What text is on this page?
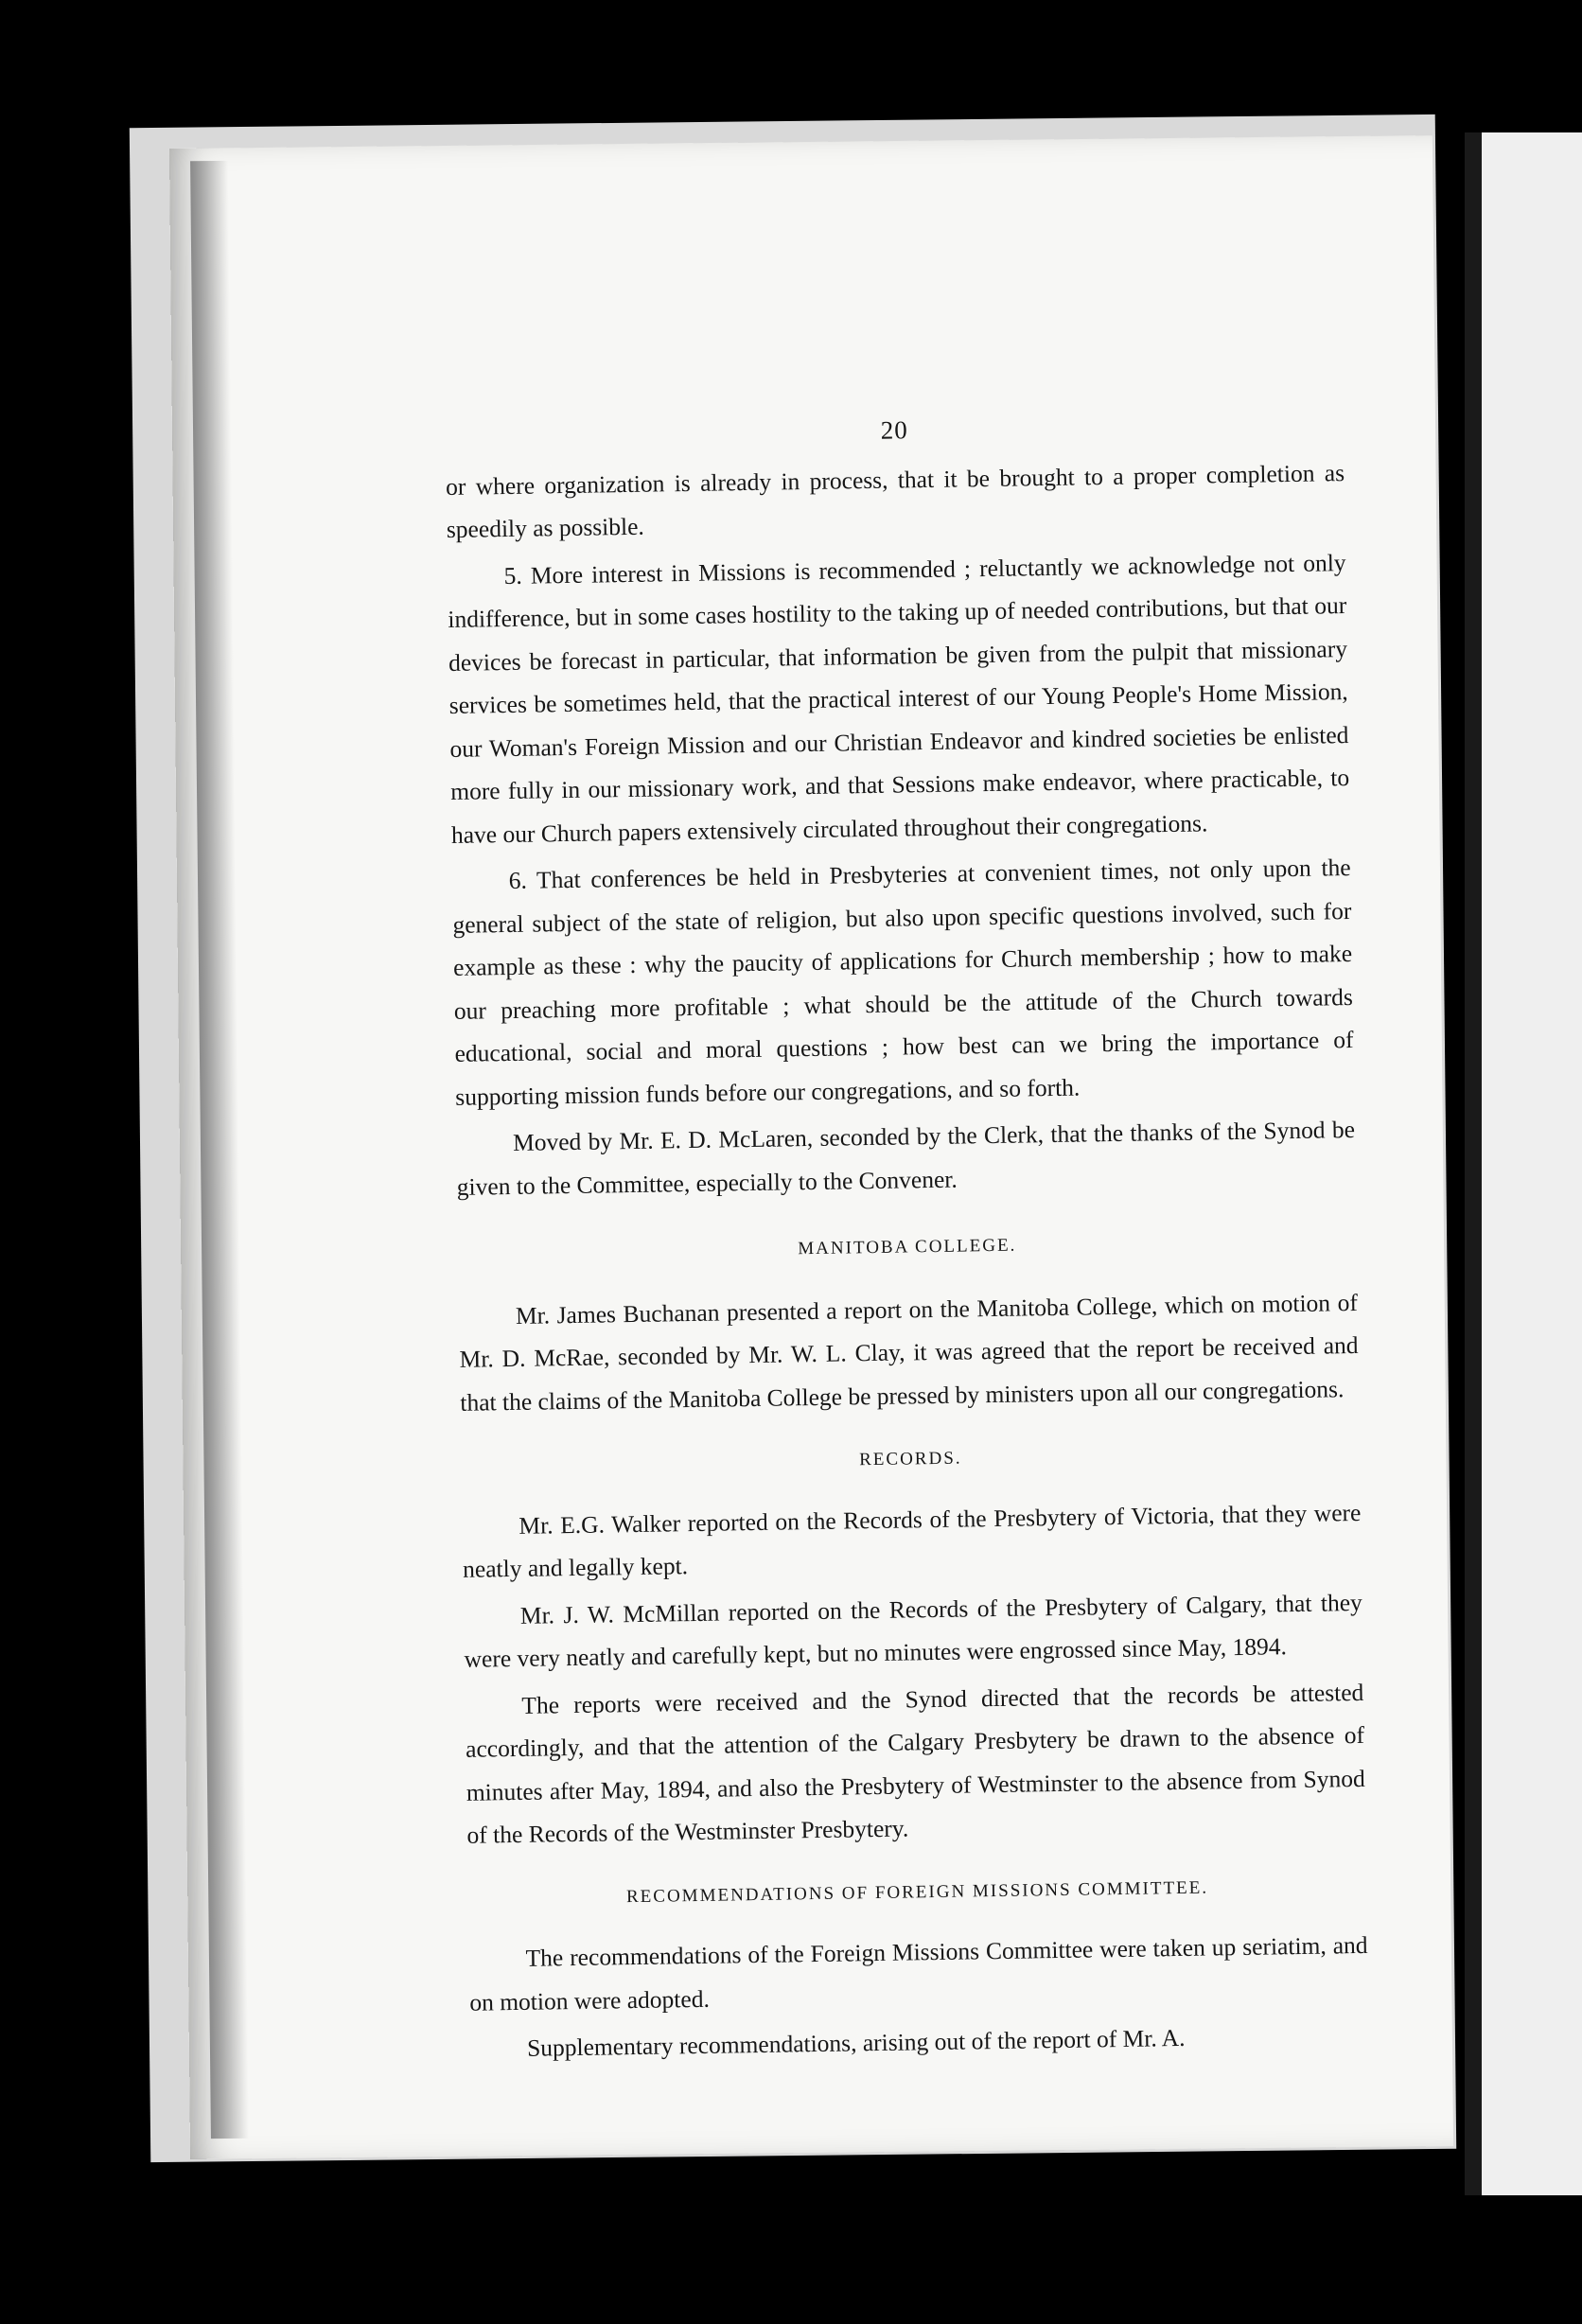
20

or where organization is already in process, that it be brought to a proper completion as speedily as possible.

5. More interest in Missions is recommended ; reluctantly we acknowledge not only indifference, but in some cases hostility to the taking up of needed contributions, but that our devices be forecast in particular, that information be given from the pulpit that missionary services be sometimes held, that the practical interest of our Young People's Home Mission, our Woman's Foreign Mission and our Christian Endeavor and kindred societies be enlisted more fully in our missionary work, and that Sessions make endeavor, where practicable, to have our Church papers extensively circulated throughout their congregations.

6. That conferences be held in Presbyteries at convenient times, not only upon the general subject of the state of religion, but also upon specific questions involved, such for example as these : why the paucity of applications for Church membership ; how to make our preaching more profitable ; what should be the attitude of the Church towards educational, social and moral questions ; how best can we bring the importance of supporting mission funds before our congregations, and so forth.

Moved by Mr. E. D. McLaren, seconded by the Clerk, that the thanks of the Synod be given to the Committee, especially to the Convener.

MANITOBA COLLEGE.

Mr. James Buchanan presented a report on the Manitoba College, which on motion of Mr. D. McRae, seconded by Mr. W. L. Clay, it was agreed that the report be received and that the claims of the Manitoba College be pressed by ministers upon all our congregations.

RECORDS.

Mr. E.G. Walker reported on the Records of the Presbytery of Victoria, that they were neatly and legally kept.

Mr. J. W. McMillan reported on the Records of the Presbytery of Calgary, that they were very neatly and carefully kept, but no minutes were engrossed since May, 1894.

The reports were received and the Synod directed that the records be attested accordingly, and that the attention of the Calgary Presbytery be drawn to the absence of minutes after May, 1894, and also the Presbytery of Westminster to the absence from Synod of the Records of the Westminster Presbytery.

RECOMMENDATIONS OF FOREIGN MISSIONS COMMITTEE.

The recommendations of the Foreign Missions Committee were taken up seriatim, and on motion were adopted.

Supplementary recommendations, arising out of the report of Mr. A.
